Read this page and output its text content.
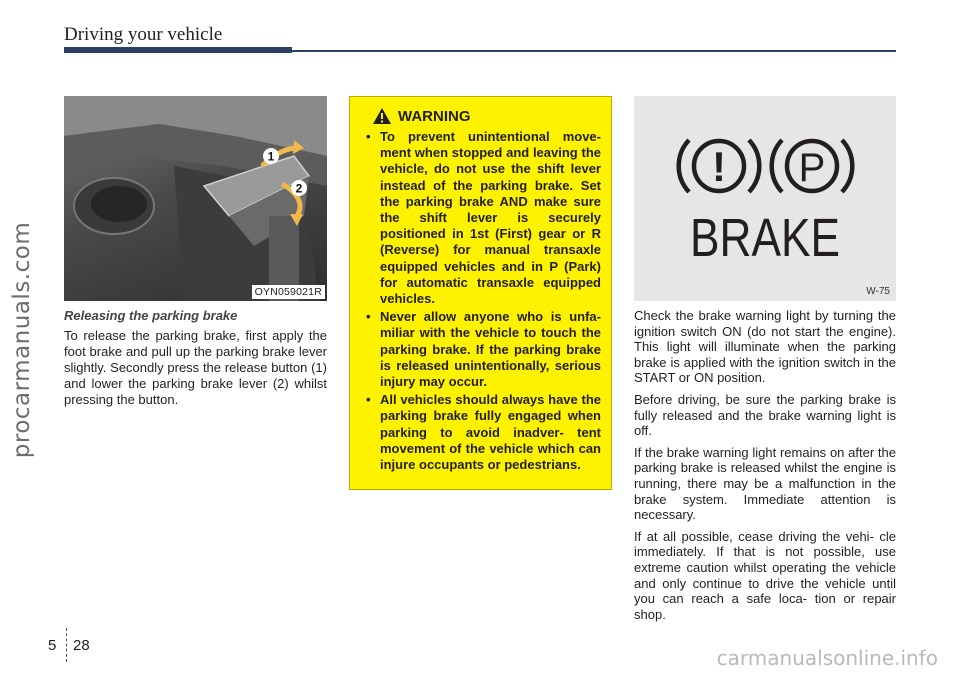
procarmanuals.com
Driving your vehicle
1
2
OYN059021R
Releasing the parking brake
To release the parking brake, first apply the foot brake and pull up the parking brake lever slightly. Secondly press the release button (1) and lower the parking brake lever (2) whilst pressing the button.
WARNING
• To prevent unintentional move- ment when stopped and leaving the vehicle, do not use the shift lever instead of the parking brake. Set the parking brake AND make sure the shift lever is securely positioned in 1st (First) gear or R (Reverse) for manual transaxle equipped vehicles and in P (Park) for automatic transaxle equipped vehicles.
• Never allow anyone who is unfa- miliar with the vehicle to touch the parking brake. If the parking brake is released unintentionally, serious injury may occur.
• All vehicles should always have the parking brake fully engaged when parking to avoid inadver- tent movement of the vehicle which can injure occupants or pedestrians.
! P
BRAKE
W-75

Check the brake warning light by turning the ignition switch ON (do not start the engine). This light will illuminate when the parking brake is applied with the ignition switch in the START or ON position.

Before driving, be sure the parking brake is fully released and the brake warning light is off.

If the brake warning light remains on after the parking brake is released whilst the engine is running, there may be a malfunction in the brake system. Immediate attention is necessary.

If at all possible, cease driving the vehi- cle immediately. If that is not possible, use extreme caution whilst operating the vehicle and only continue to drive the vehicle until you can reach a safe loca- tion or repair shop.

5 28
carmanualsonline.info
